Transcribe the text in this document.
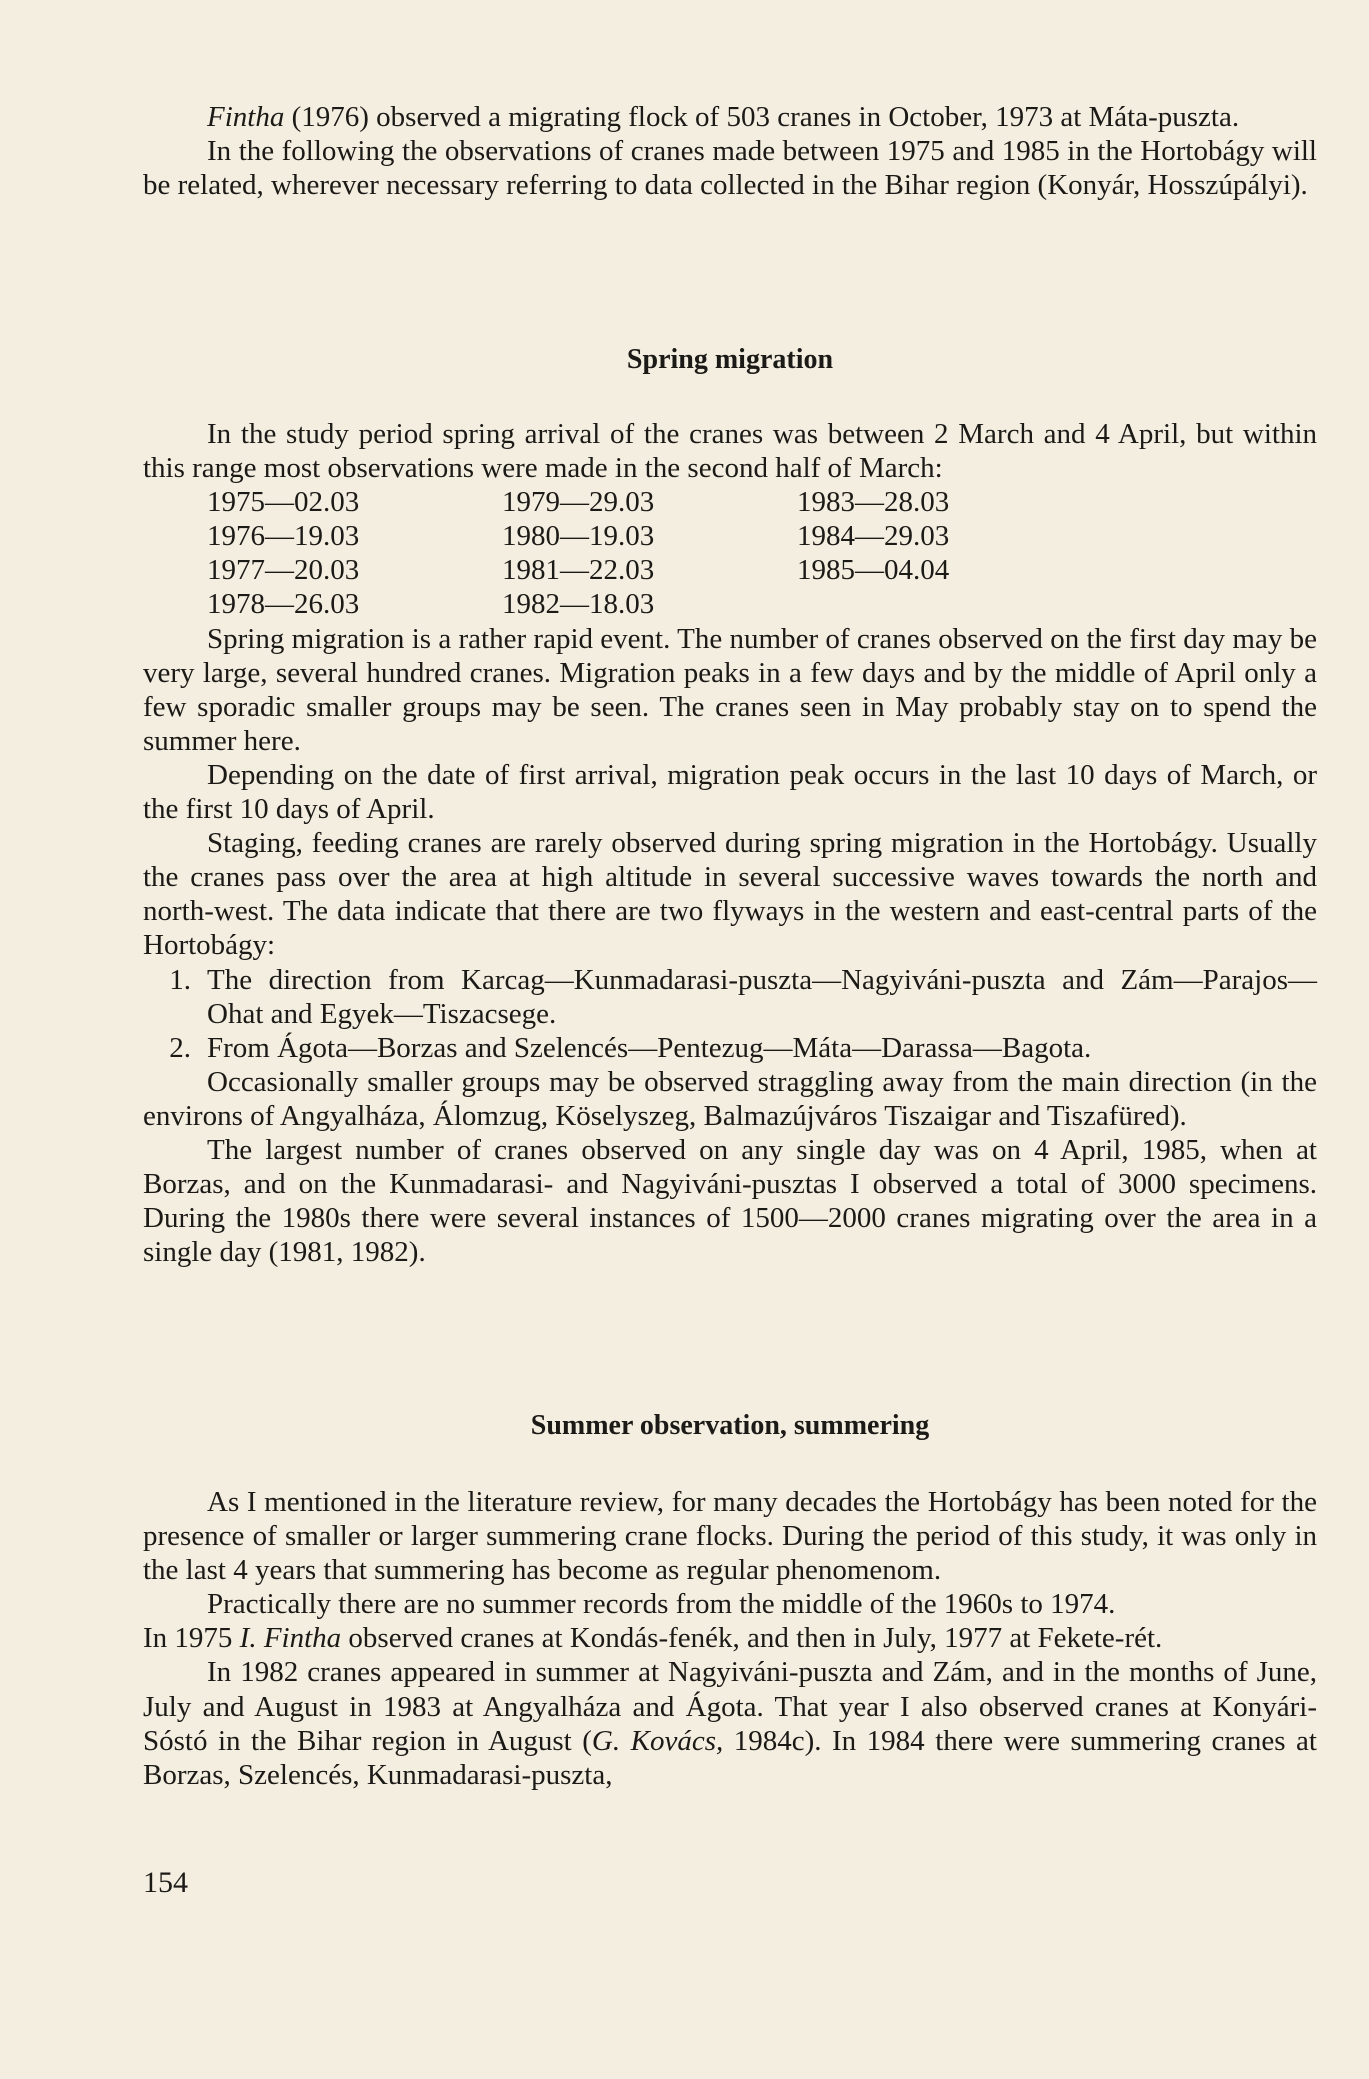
Fintha (1976) observed a migrating flock of 503 cranes in October, 1973 at Máta-puszta.

In the following the observations of cranes made between 1975 and 1985 in the Hortobágy will be related, wherever necessary referring to data collected in the Bihar region (Konyár, Hosszúpályi).

Spring migration

In the study period spring arrival of the cranes was between 2 March and 4 April, but within this range most observations were made in the second half of March:

1975—02.03	1979—29.03	1983—28.03
1976—19.03	1980—19.03	1984—29.03
1977—20.03	1981—22.03	1985—04.04
1978—26.03	1982—18.03

Spring migration is a rather rapid event. The number of cranes observed on the first day may be very large, several hundred cranes. Migration peaks in a few days and by the middle of April only a few sporadic smaller groups may be seen. The cranes seen in May probably stay on to spend the summer here.

Depending on the date of first arrival, migration peak occurs in the last 10 days of March, or the first 10 days of April.

Staging, feeding cranes are rarely observed during spring migration in the Hortobágy. Usually the cranes pass over the area at high altitude in several successive waves towards the north and north-west. The data indicate that there are two flyways in the western and east-central parts of the Hortobágy:

1. The direction from Karcag—Kunmadarasi-puszta—Nagyiváni-puszta and Zám—Parajos—Ohat and Egyek—Tiszacsege.
2. From Ágota—Borzas and Szelencés—Pentezug—Máta—Darassa—Bagota.

Occasionally smaller groups may be observed straggling away from the main direction (in the environs of Angyalháza, Álomzug, Köselyszeg, Balmazújváros Tiszaigar and Tiszafüred).

The largest number of cranes observed on any single day was on 4 April, 1985, when at Borzas, and on the Kunmadarasi- and Nagyiváni-pusztas I observed a total of 3000 specimens. During the 1980s there were several instances of 1500—2000 cranes migrating over the area in a single day (1981, 1982).

Summer observation, summering

As I mentioned in the literature review, for many decades the Hortobágy has been noted for the presence of smaller or larger summering crane flocks. During the period of this study, it was only in the last 4 years that summering has become as regular phenomenom.

Practically there are no summer records from the middle of the 1960s to 1974.

In 1975 I. Fintha observed cranes at Kondás-fenék, and then in July, 1977 at Fekete-rét.

In 1982 cranes appeared in summer at Nagyiváni-puszta and Zám, and in the months of June, July and August in 1983 at Angyalháza and Ágota. That year I also observed cranes at Konyári-Sóstó in the Bihar region in August (G. Kovács, 1984c). In 1984 there were summering cranes at Borzas, Szelencés, Kunmadarasi-puszta,

154
